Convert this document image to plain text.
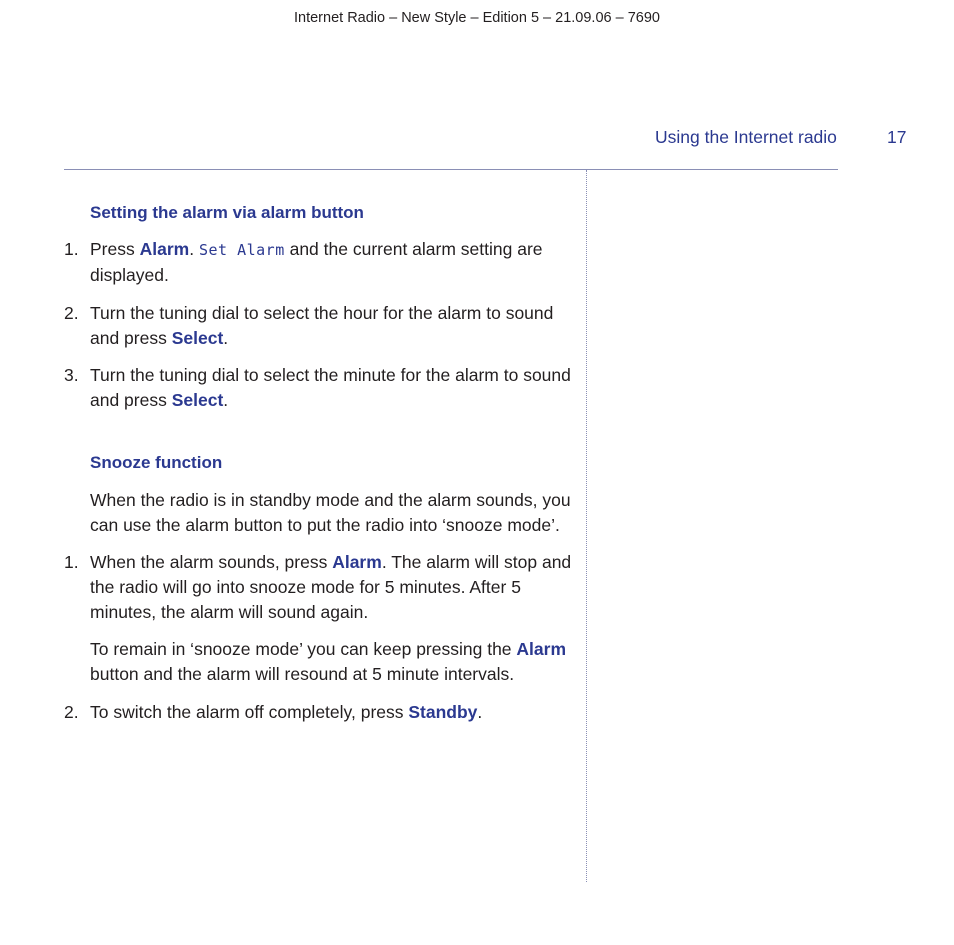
Internet Radio – New Style – Edition 5 – 21.09.06 – 7690
Using the Internet radio	17

Setting the alarm via alarm button

1. Press Alarm. Set Alarm and the current alarm setting are displayed.
2. Turn the tuning dial to select the hour for the alarm to sound and press Select.
3. Turn the tuning dial to select the minute for the alarm to sound and press Select.

Snooze function

When the radio is in standby mode and the alarm sounds, you can use the alarm button to put the radio into ‘snooze mode’.
1. When the alarm sounds, press Alarm. The alarm will stop and the radio will go into snooze mode for 5 minutes. After 5 minutes, the alarm will sound again.
To remain in ‘snooze mode’ you can keep pressing the Alarm button and the alarm will resound at 5 minute intervals.
2. To switch the alarm off completely, press Standby.
